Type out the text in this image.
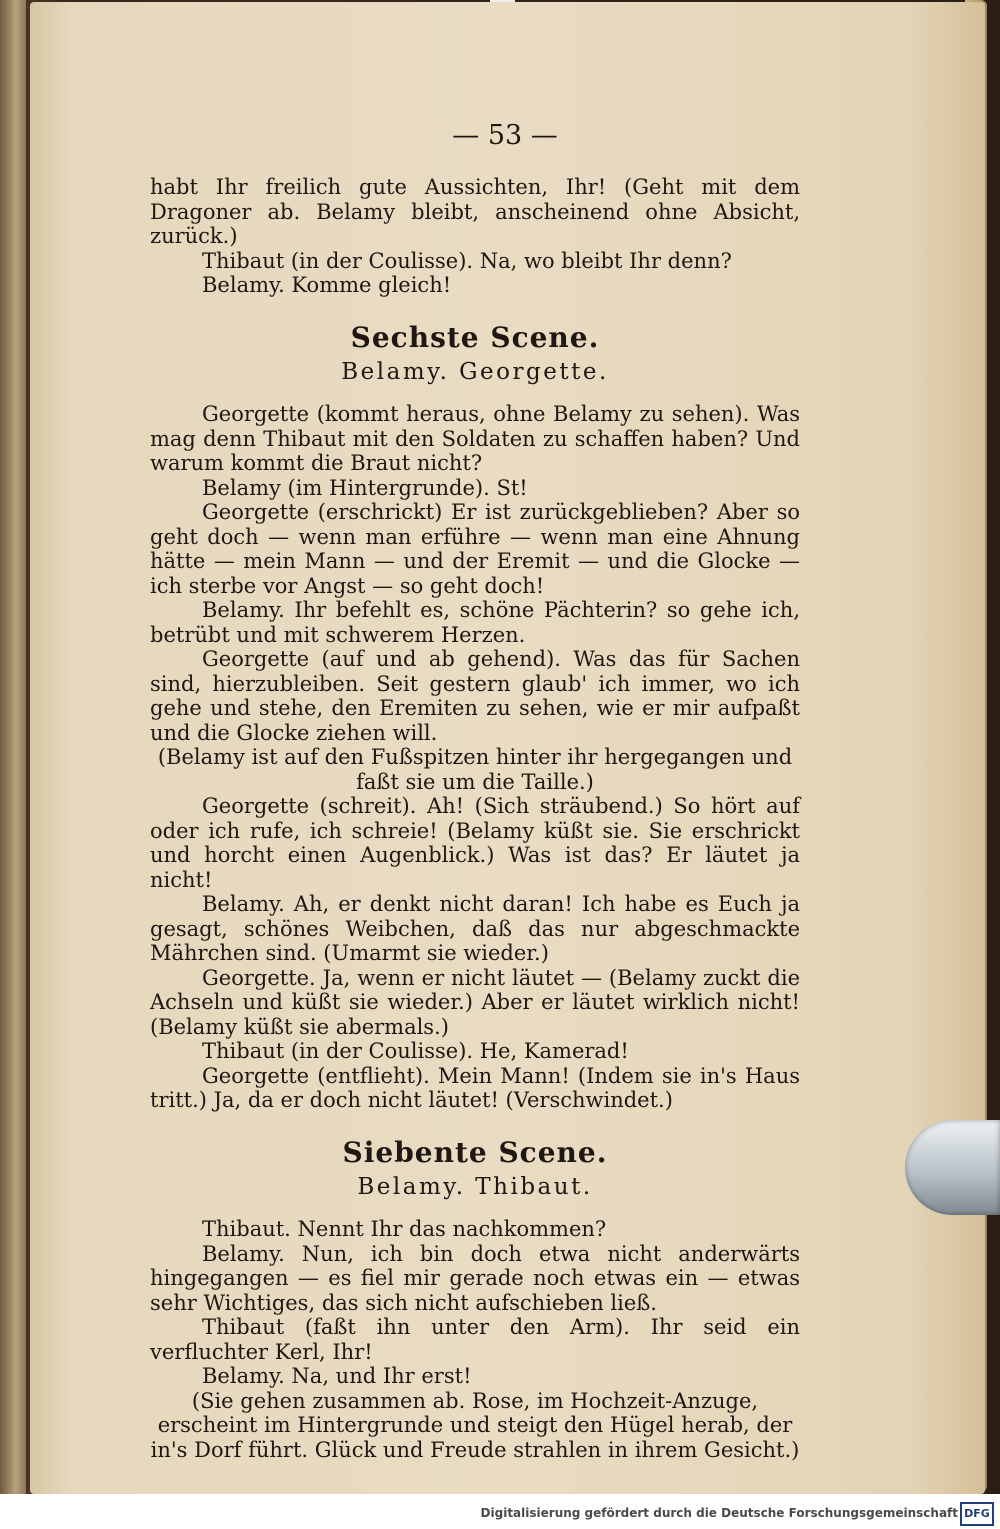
— 53 —

habt Ihr freilich gute Aussichten, Ihr! (Geht mit dem Dragoner ab. Belamy bleibt, anscheinend ohne Absicht, zurück.)

Thibaut (in der Coulisse). Na, wo bleibt Ihr denn?

Belamy. Komme gleich!

Sechste Scene.
Belamy. Georgette.

Georgette (kommt heraus, ohne Belamy zu sehen). Was mag denn Thibaut mit den Soldaten zu schaffen haben? Und warum kommt die Braut nicht?

Belamy (im Hintergrunde). St!

Georgette (erschrickt) Er ist zurückgeblieben? Aber so geht doch — wenn man erführe — wenn man eine Ahnung hätte — mein Mann — und der Eremit — und die Glocke — ich sterbe vor Angst — so geht doch!

Belamy. Ihr befehlt es, schöne Pächterin? so gehe ich, betrübt und mit schwerem Herzen.

Georgette (auf und ab gehend). Was das für Sachen sind, hierzubleiben. Seit gestern glaub' ich immer, wo ich gehe und stehe, den Eremiten zu sehen, wie er mir aufpaßt und die Glocke ziehen will.

(Belamy ist auf den Fußspitzen hinter ihr hergegangen und faßt sie um die Taille.)

Georgette (schreit). Ah! (Sich sträubend.) So hört auf oder ich rufe, ich schreie! (Belamy küßt sie. Sie erschrickt und horcht einen Augenblick.) Was ist das? Er läutet ja nicht!

Belamy. Ah, er denkt nicht daran! Ich habe es Euch ja gesagt, schönes Weibchen, daß das nur abgeschmackte Mährchen sind. (Umarmt sie wieder.)

Georgette. Ja, wenn er nicht läutet — (Belamy zuckt die Achseln und küßt sie wieder.) Aber er läutet wirklich nicht! (Belamy küßt sie abermals.)

Thibaut (in der Coulisse). He, Kamerad!

Georgette (entflieht). Mein Mann! (Indem sie in's Haus tritt.) Ja, da er doch nicht läutet! (Verschwindet.)

Siebente Scene.
Belamy. Thibaut.

Thibaut. Nennt Ihr das nachkommen?

Belamy. Nun, ich bin doch etwa nicht anderwärts hingegangen — es fiel mir gerade noch etwas ein — etwas sehr Wichtiges, das sich nicht aufschieben ließ.

Thibaut (faßt ihn unter den Arm). Ihr seid ein verfluchter Kerl, Ihr!

Belamy. Na, und Ihr erst!

(Sie gehen zusammen ab. Rose, im Hochzeit-Anzuge, erscheint im Hintergrunde und steigt den Hügel herab, der in's Dorf führt. Glück und Freude strahlen in ihrem Gesicht.)

Digitalisierung gefördert durch die Deutsche Forschungsgemeinschaft DFG
